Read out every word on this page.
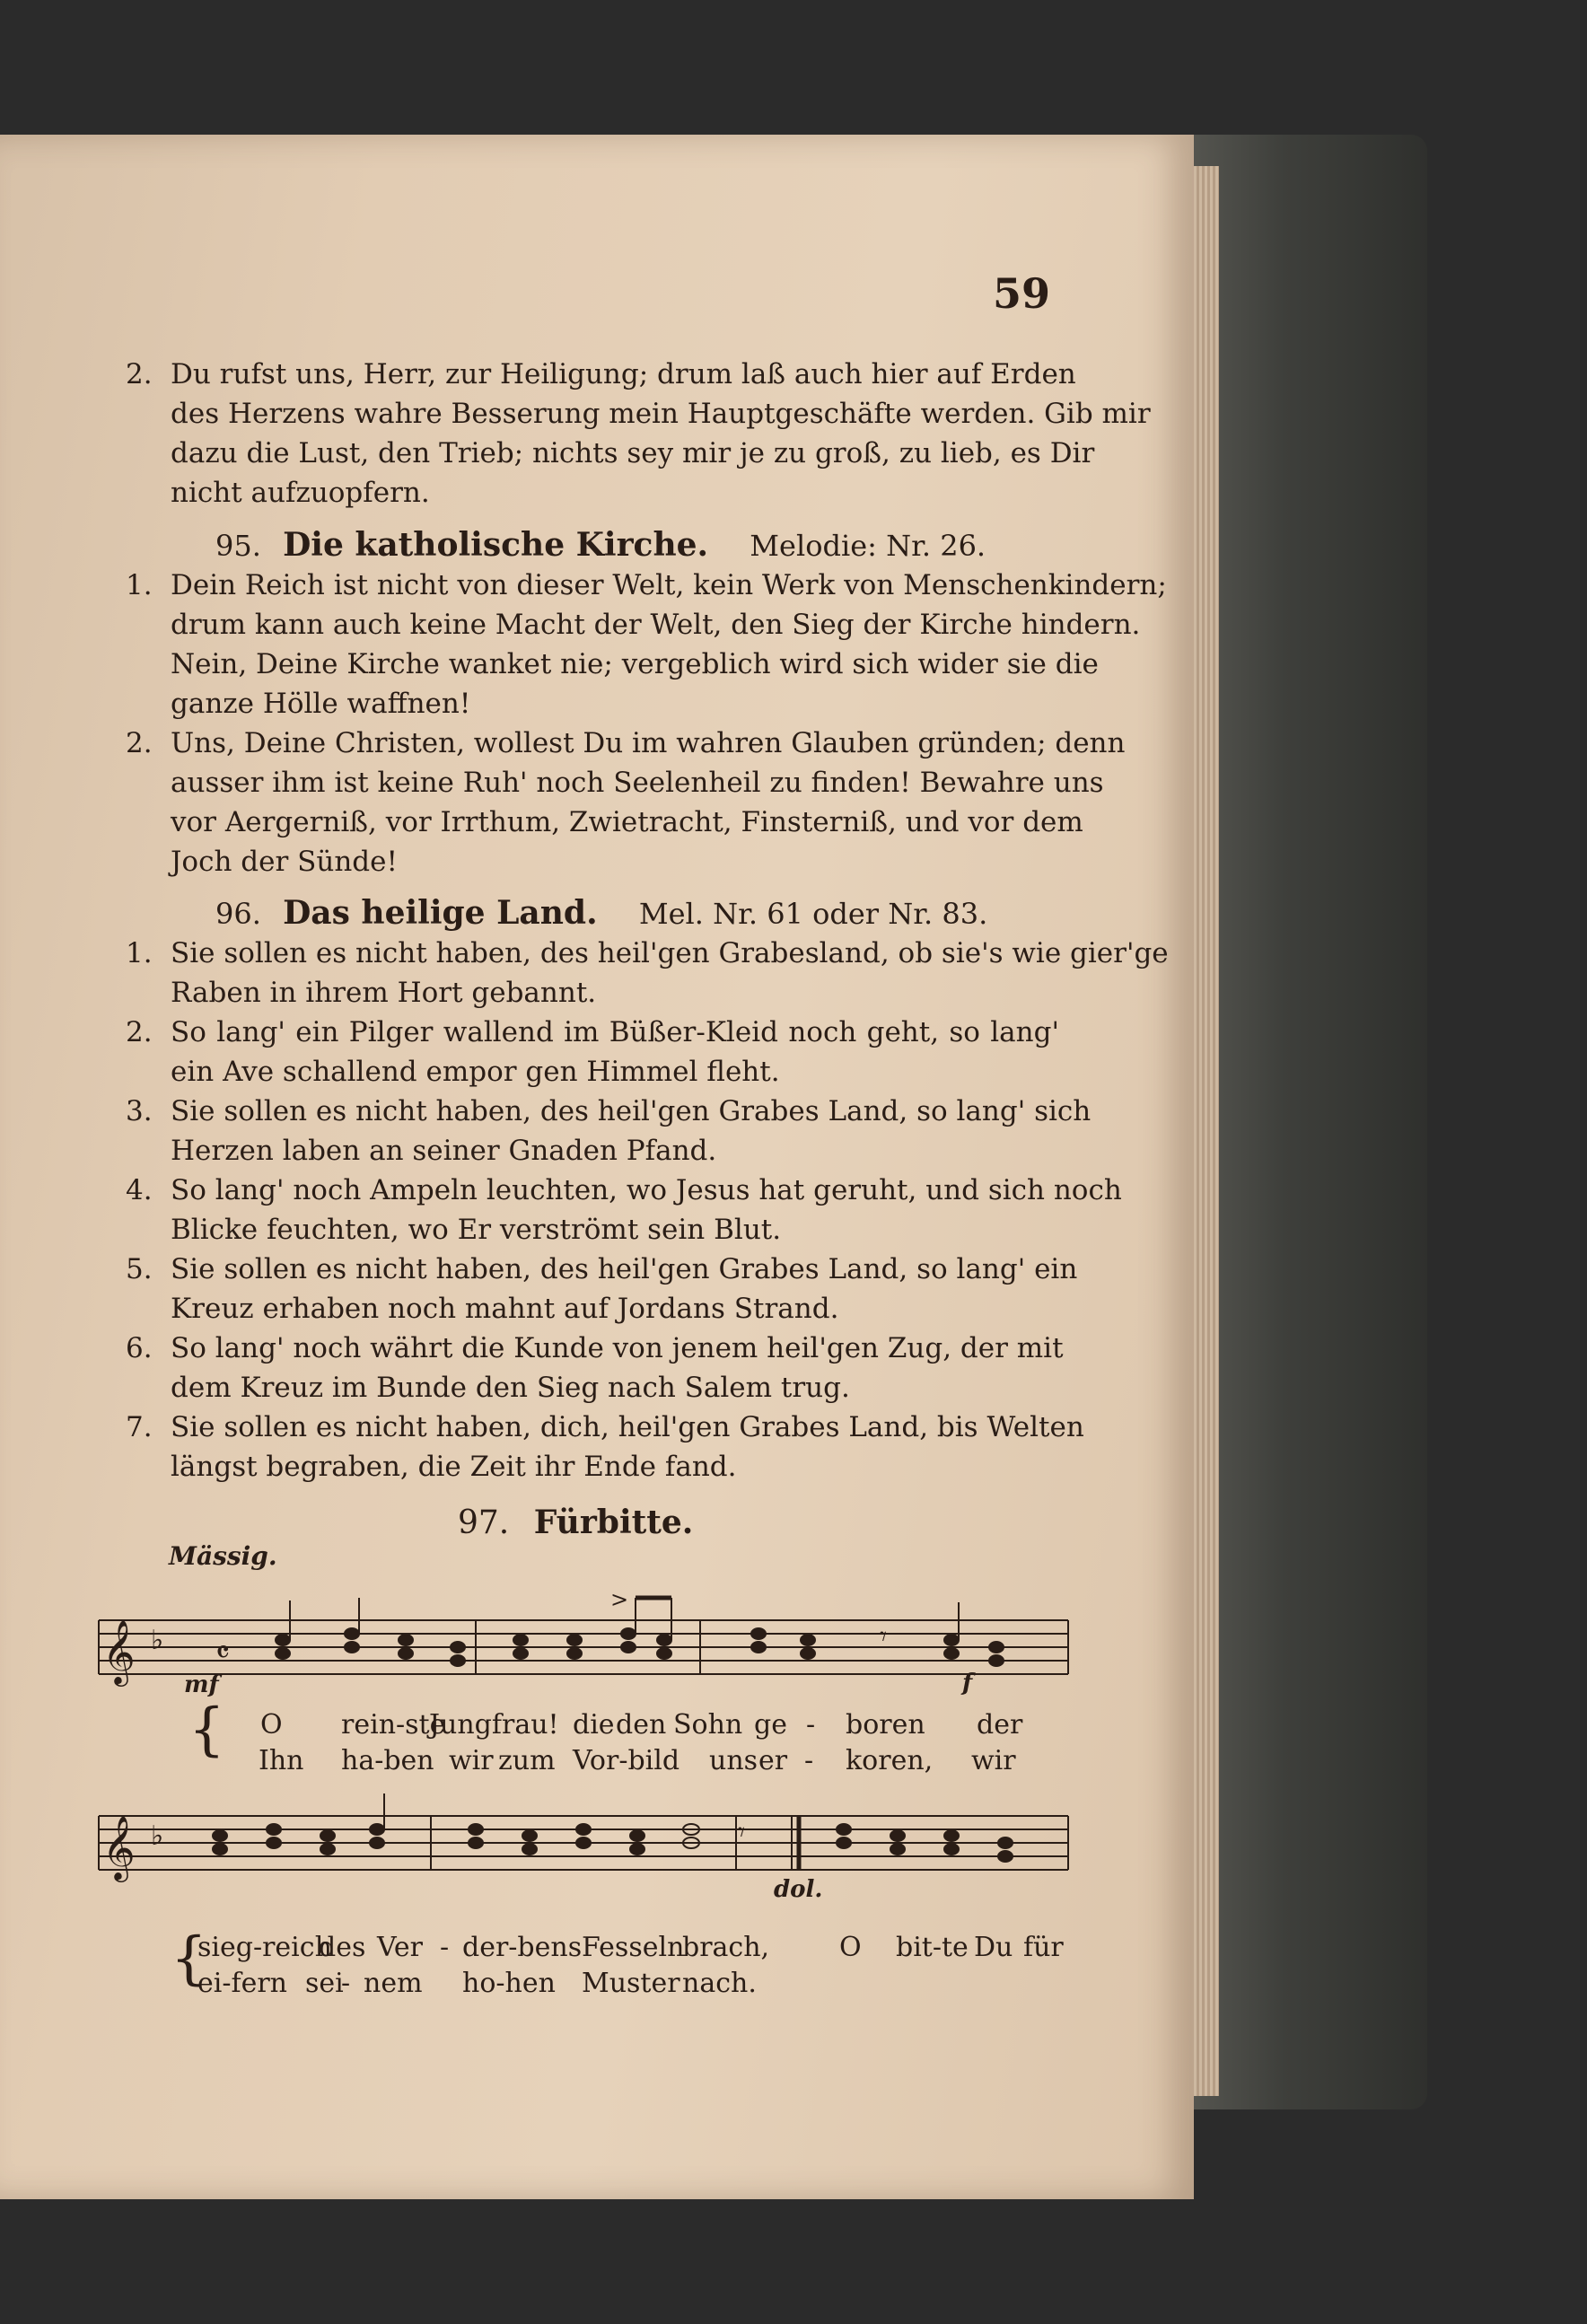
59
2. Du rufst uns, Herr, zur Heiligung; drum laß auch hier auf Erden
des Herzens wahre Besserung mein Hauptgeschäfte werden. Gib mir
dazu die Lust, den Trieb; nichts sey mir je zu groß, zu lieb, es Dir
nicht aufzuopfern.
95. Die katholische Kirche. Melodie: Nr. 26.
1. Dein Reich ist nicht von dieser Welt, kein Werk von Menschenkindern;
drum kann auch keine Macht der Welt, den Sieg der Kirche hindern.
Nein, Deine Kirche wanket nie; vergeblich wird sich wider sie die
ganze Hölle waffnen!
2. Uns, Deine Christen, wollest Du im wahren Glauben gründen; denn
ausser ihm ist keine Ruh' noch Seelenheil zu finden! Bewahre uns
vor Aergerniß, vor Irrthum, Zwietracht, Finsterniß, und vor dem
Joch der Sünde!
96. Das heilige Land. Mel. Nr. 61 oder Nr. 83.
1. Sie sollen es nicht haben, des heil'gen Grabesland, ob sie's wie gier'ge
Raben in ihrem Hort gebannt.
2. So lang' ein Pilger wallend im Büßer-Kleid noch geht, so lang'
ein Ave schallend empor gen Himmel fleht.
3. Sie sollen es nicht haben, des heil'gen Grabes Land, so lang' sich
Herzen laben an seiner Gnaden Pfand.
4. So lang' noch Ampeln leuchten, wo Jesus hat geruht, und sich noch
Blicke feuchten, wo Er verströmt sein Blut.
5. Sie sollen es nicht haben, des heil'gen Grabes Land, so lang' ein
Kreuz erhaben noch mahnt auf Jordans Strand.
6. So lang' noch währt die Kunde von jenem heil'gen Zug, der mit
dem Kreuz im Bunde den Sieg nach Salem trug.
7. Sie sollen es nicht haben, dich, heil'gen Grabes Land, bis Welten
längst begraben, die Zeit ihr Ende fand.
97. Fürbitte.
Mässig.
𝄞 ♭ 𝄴	𝄾
>
mf	f
{ O rein-ste
Jungfrau! die den Sohn ge - boren der
Ihn ha-ben wir zum Vor-bild uns er - koren, wir
𝄞 ♭	𝄾
dol.
{
sieg-reich
des Ver - der-bens Fesseln
brach,	O bit-te Du für
ei-fern sei
- nem ho-hen Muster nach.
